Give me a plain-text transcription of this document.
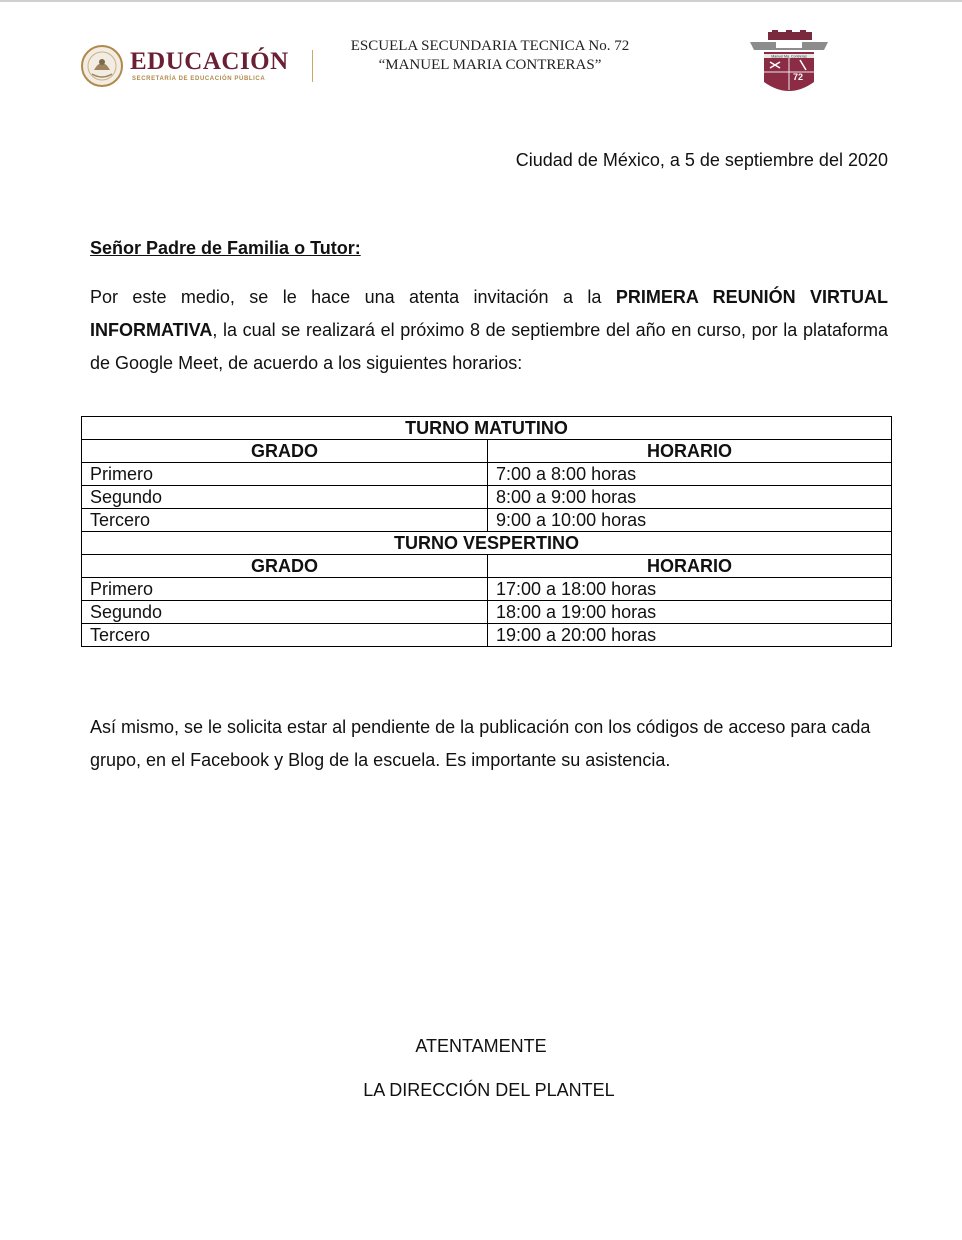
EDUCACIÓN
SECRETARÍA DE EDUCACIÓN PÚBLICA
ESCUELA SECUNDARIA TECNICA No. 72
“MANUEL MARIA CONTRERAS”
Manuel Ma. Contreras
72
Ciudad de México, a 5 de septiembre del 2020
Señor Padre de Familia o Tutor:
Por este medio, se le hace una atenta invitación a la PRIMERA REUNIÓN VIRTUAL INFORMATIVA, la cual se realizará el próximo 8 de septiembre del año en curso, por la plataforma de Google Meet, de acuerdo a los siguientes horarios:
TURNO MATUTINO	
GRADO	HORARIO
Primero	7:00 a 8:00 horas
Segundo	8:00 a 9:00 horas
Tercero	9:00 a 10:00 horas
TURNO VESPERTINO	
GRADO	HORARIO
Primero	17:00 a 18:00 horas
Segundo	18:00 a 19:00 horas
Tercero	19:00 a 20:00 horas
Así mismo, se le solicita estar al pendiente de la publicación con los códigos de acceso para cada grupo, en el Facebook y Blog de la escuela. Es importante su asistencia.
ATENTAMENTE
LA DIRECCIÓN DEL PLANTEL
